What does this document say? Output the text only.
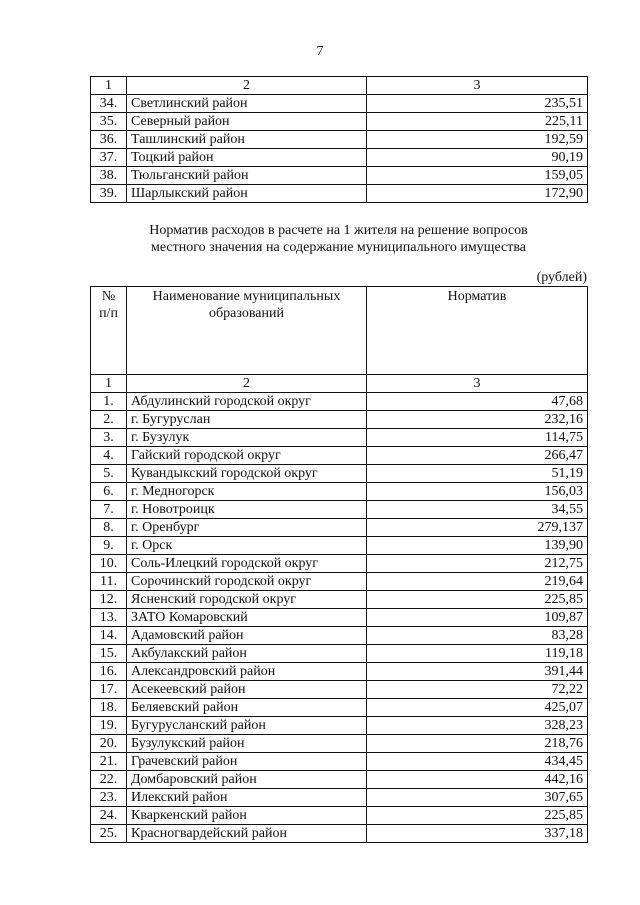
7
1	2	3
34.	Светлинский район	235,51
35.	Северный район	225,11
36.	Ташлинский район	192,59
37.	Тоцкий район	90,19
38.	Тюльганский район	159,05
39.	Шарлыкский район	172,90
Норматив расходов в расчете на 1 жителя на решение вопросов
местного значения на содержание муниципального имущества
(рублей)
№ п/п	Наименование муниципальных образований	Норматив
1	2	3
1.	Абдулинский городской округ	47,68
2.	г. Бугуруслан	232,16
3.	г. Бузулук	114,75
4.	Гайский городской округ	266,47
5.	Кувандыкский городской округ	51,19
6.	г. Медногорск	156,03
7.	г. Новотроицк	34,55
8.	г. Оренбург	279,137
9.	г. Орск	139,90
10.	Соль-Илецкий городской округ	212,75
11.	Сорочинский городской округ	219,64
12.	Ясненский городской округ	225,85
13.	ЗАТО Комаровский	109,87
14.	Адамовский район	83,28
15.	Акбулакский район	119,18
16.	Александровский район	391,44
17.	Асекеевский район	72,22
18.	Беляевский район	425,07
19.	Бугурусланский район	328,23
20.	Бузулукский район	218,76
21.	Грачевский район	434,45
22.	Домбаровский район	442,16
23.	Илекский район	307,65
24.	Кваркенский район	225,85
25.	Красногвардейский район	337,18
